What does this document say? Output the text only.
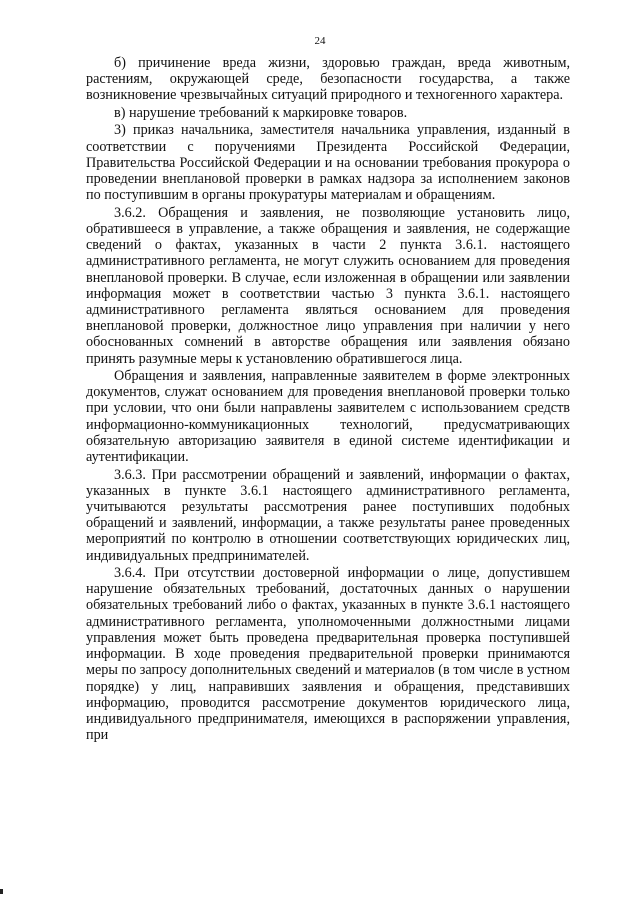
24

б) причинение вреда жизни, здоровью граждан, вреда животным, растениям, окружающей среде, безопасности государства, а также возникновение чрезвычайных ситуаций природного и техногенного характера.

в) нарушение требований к маркировке товаров.

3) приказ начальника, заместителя начальника управления, изданный в соответствии с поручениями Президента Российской Федерации, Правительства Российской Федерации и на основании требования прокурора о проведении внеплановой проверки в рамках надзора за исполнением законов по поступившим в органы прокуратуры материалам и обращениям.

3.6.2. Обращения и заявления, не позволяющие установить лицо, обратившееся в управление, а также обращения и заявления, не содержащие сведений о фактах, указанных в части 2 пункта 3.6.1. настоящего административного регламента, не могут служить основанием для проведения внеплановой проверки. В случае, если изложенная в обращении или заявлении информация может в соответствии частью 3 пункта 3.6.1. настоящего административного регламента являться основанием для проведения внеплановой проверки, должностное лицо управления при наличии у него обоснованных сомнений в авторстве обращения или заявления обязано принять разумные меры к установлению обратившегося лица.

Обращения и заявления, направленные заявителем в форме электронных документов, служат основанием для проведения внеплановой проверки только при условии, что они были направлены заявителем с использованием средств информационно-коммуникационных технологий, предусматривающих обязательную авторизацию заявителя в единой системе идентификации и аутентификации.

3.6.3. При рассмотрении обращений и заявлений, информации о фактах, указанных в пункте 3.6.1 настоящего административного регламента, учитываются результаты рассмотрения ранее поступивших подобных обращений и заявлений, информации, а также результаты ранее проведенных мероприятий по контролю в отношении соответствующих юридических лиц, индивидуальных предпринимателей.

3.6.4. При отсутствии достоверной информации о лице, допустившем нарушение обязательных требований, достаточных данных о нарушении обязательных требований либо о фактах, указанных в пункте 3.6.1 настоящего административного регламента, уполномоченными должностными лицами управления может быть проведена предварительная проверка поступившей информации. В ходе проведения предварительной проверки принимаются меры по запросу дополнительных сведений и материалов (в том числе в устном порядке) у лиц, направивших заявления и обращения, представивших информацию, проводится рассмотрение документов юридического лица, индивидуального предпринимателя, имеющихся в распоряжении управления, при
